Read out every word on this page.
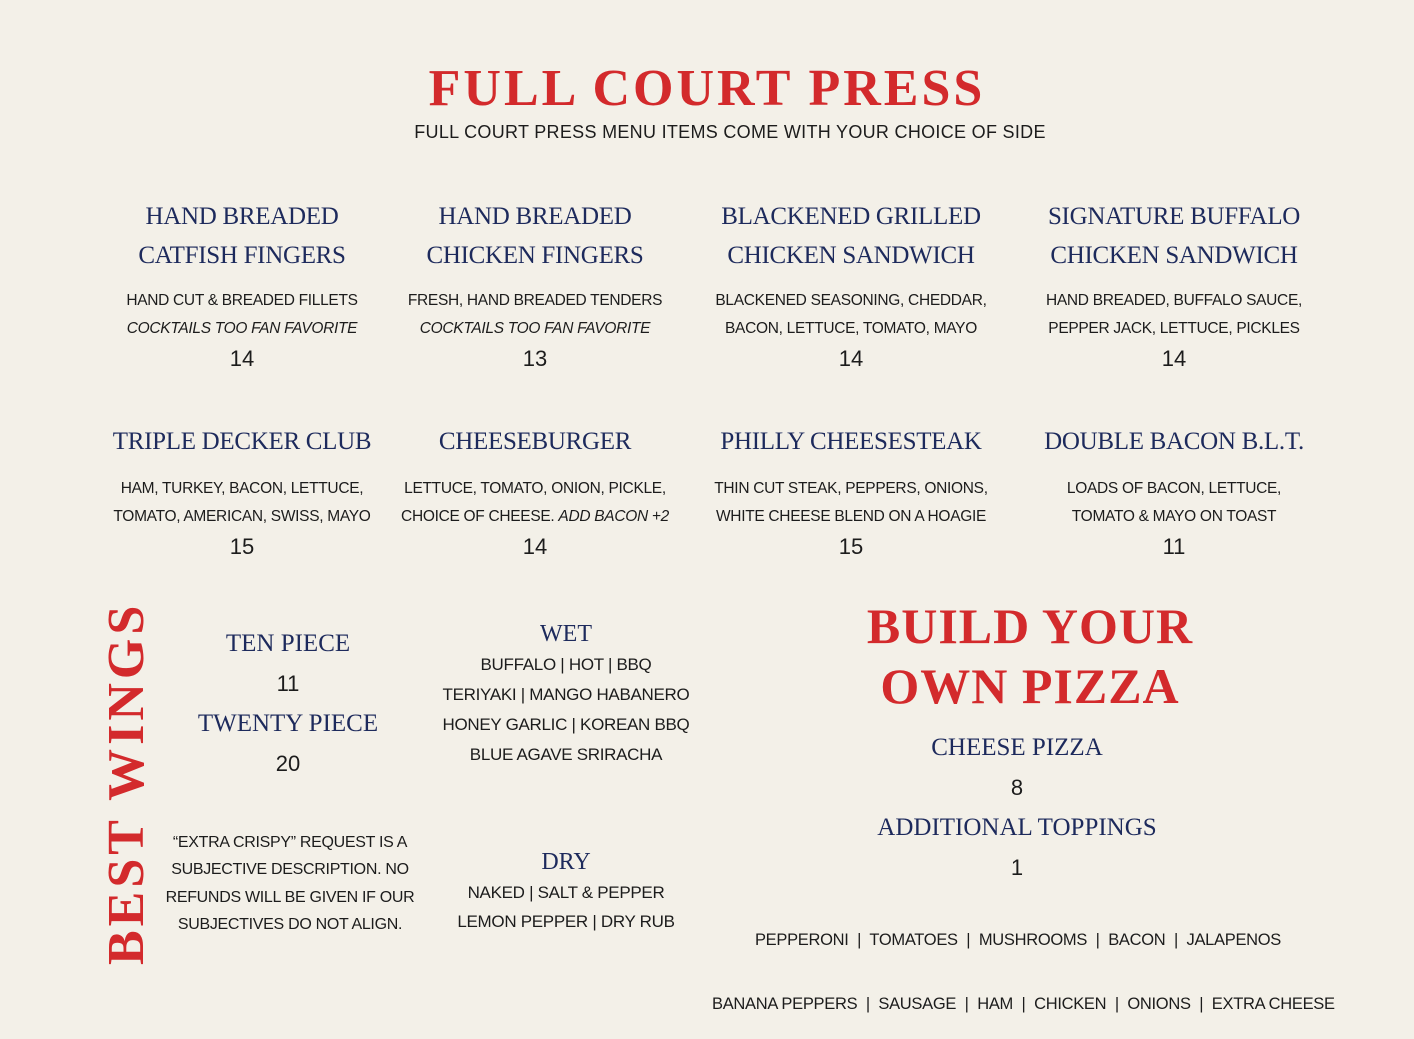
FULL COURT PRESS
FULL COURT PRESS MENU ITEMS COME WITH YOUR CHOICE OF SIDE
HAND BREADED
CATFISH FINGERS
HAND CUT & BREADED FILLETS
COCKTAILS TOO FAN FAVORITE
14
HAND BREADED
CHICKEN FINGERS
FRESH, HAND BREADED TENDERS
COCKTAILS TOO FAN FAVORITE
13
BLACKENED GRILLED
CHICKEN SANDWICH
BLACKENED SEASONING, CHEDDAR,
BACON, LETTUCE, TOMATO, MAYO
14
SIGNATURE BUFFALO
CHICKEN SANDWICH
HAND BREADED, BUFFALO SAUCE,
PEPPER JACK, LETTUCE, PICKLES
14
TRIPLE DECKER CLUB
HAM, TURKEY, BACON, LETTUCE,
TOMATO, AMERICAN, SWISS, MAYO
15
CHEESEBURGER
LETTUCE, TOMATO, ONION, PICKLE,
CHOICE OF CHEESE. ADD BACON +2
14
PHILLY CHEESESTEAK
THIN CUT STEAK, PEPPERS, ONIONS,
WHITE CHEESE BLEND ON A HOAGIE
15
DOUBLE BACON B.L.T.
LOADS OF BACON, LETTUCE,
TOMATO & MAYO ON TOAST
11
BEST WINGS	TEN PIECE
11
TWENTY PIECE
20
“EXTRA CRISPY” REQUEST IS A
SUBJECTIVE DESCRIPTION. NO
REFUNDS WILL BE GIVEN IF OUR
SUBJECTIVES DO NOT ALIGN.
WET
BUFFALO | HOT | BBQ
TERIYAKI | MANGO HABANERO
HONEY GARLIC | KOREAN BBQ
BLUE AGAVE SRIRACHA
DRY
NAKED | SALT & PEPPER
LEMON PEPPER | DRY RUB
BUILD YOUR
OWN PIZZA
CHEESE PIZZA
8
ADDITIONAL TOPPINGS
1

PEPPERONI  |  TOMATOES  |  MUSHROOMS  |  BACON  |  JALAPENOS

BANANA PEPPERS  |  SAUSAGE  |  HAM  |  CHICKEN  |  ONIONS  |  EXTRA CHEESE
